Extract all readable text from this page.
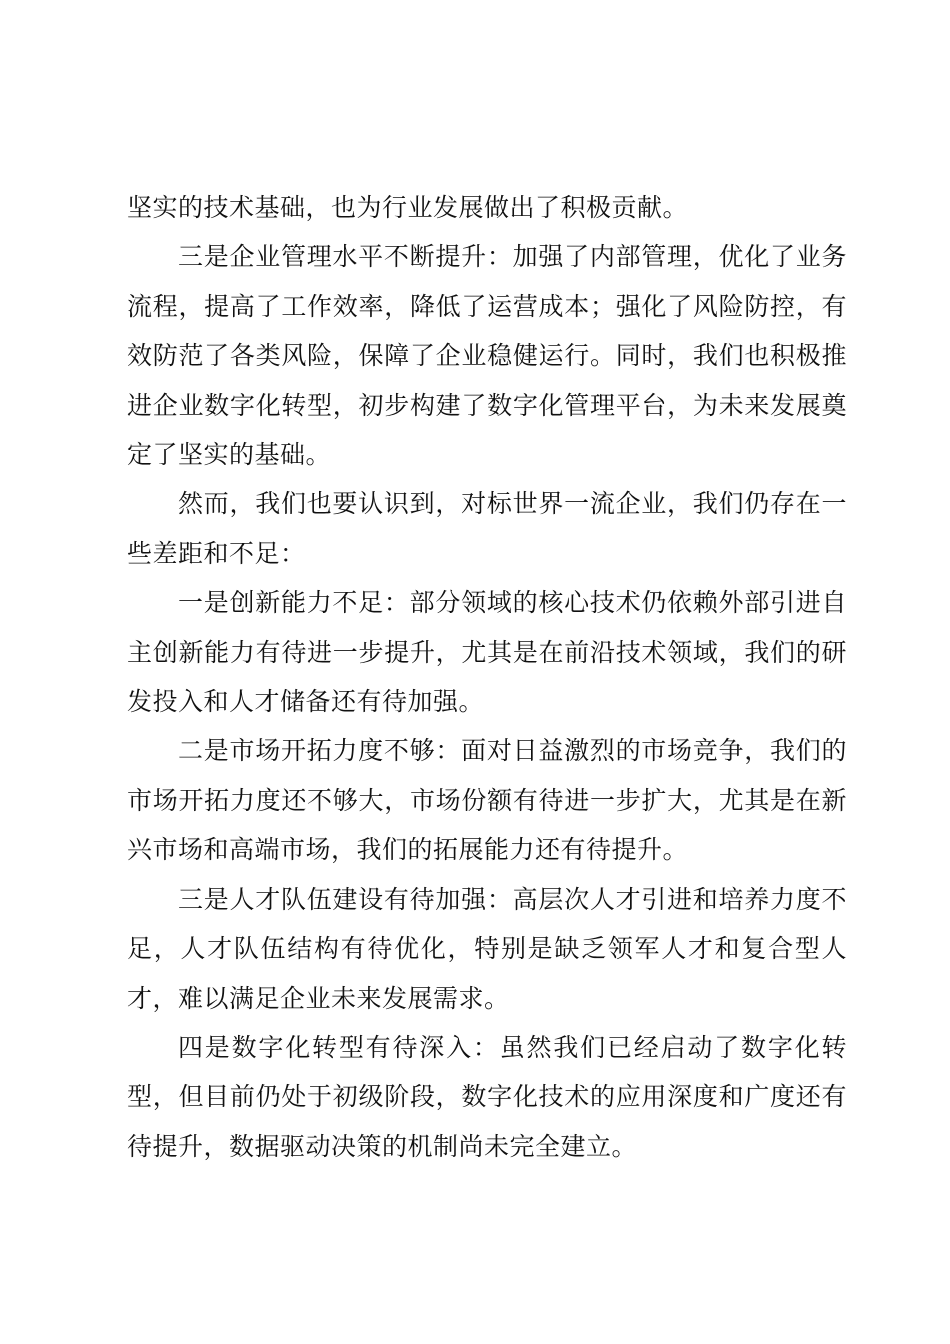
坚实的技术基础，也为行业发展做出了积极贡献。

三是企业管理水平不断提升：加强了内部管理，优化了业务流程，提高了工作效率，降低了运营成本；强化了风险防控，有效防范了各类风险，保障了企业稳健运行。同时，我们也积极推进企业数字化转型，初步构建了数字化管理平台，为未来发展奠定了坚实的基础。

然而，我们也要认识到，对标世界一流企业，我们仍存在一些差距和不足：

一是创新能力不足：部分领域的核心技术仍依赖外部引进自主创新能力有待进一步提升，尤其是在前沿技术领域，我们的研发投入和人才储备还有待加强。

二是市场开拓力度不够：面对日益激烈的市场竞争，我们的市场开拓力度还不够大，市场份额有待进一步扩大，尤其是在新兴市场和高端市场，我们的拓展能力还有待提升。

三是人才队伍建设有待加强：高层次人才引进和培养力度不足，人才队伍结构有待优化，特别是缺乏领军人才和复合型人才，难以满足企业未来发展需求。

四是数字化转型有待深入：虽然我们已经启动了数字化转型，但目前仍处于初级阶段，数字化技术的应用深度和广度还有待提升，数据驱动决策的机制尚未完全建立。
